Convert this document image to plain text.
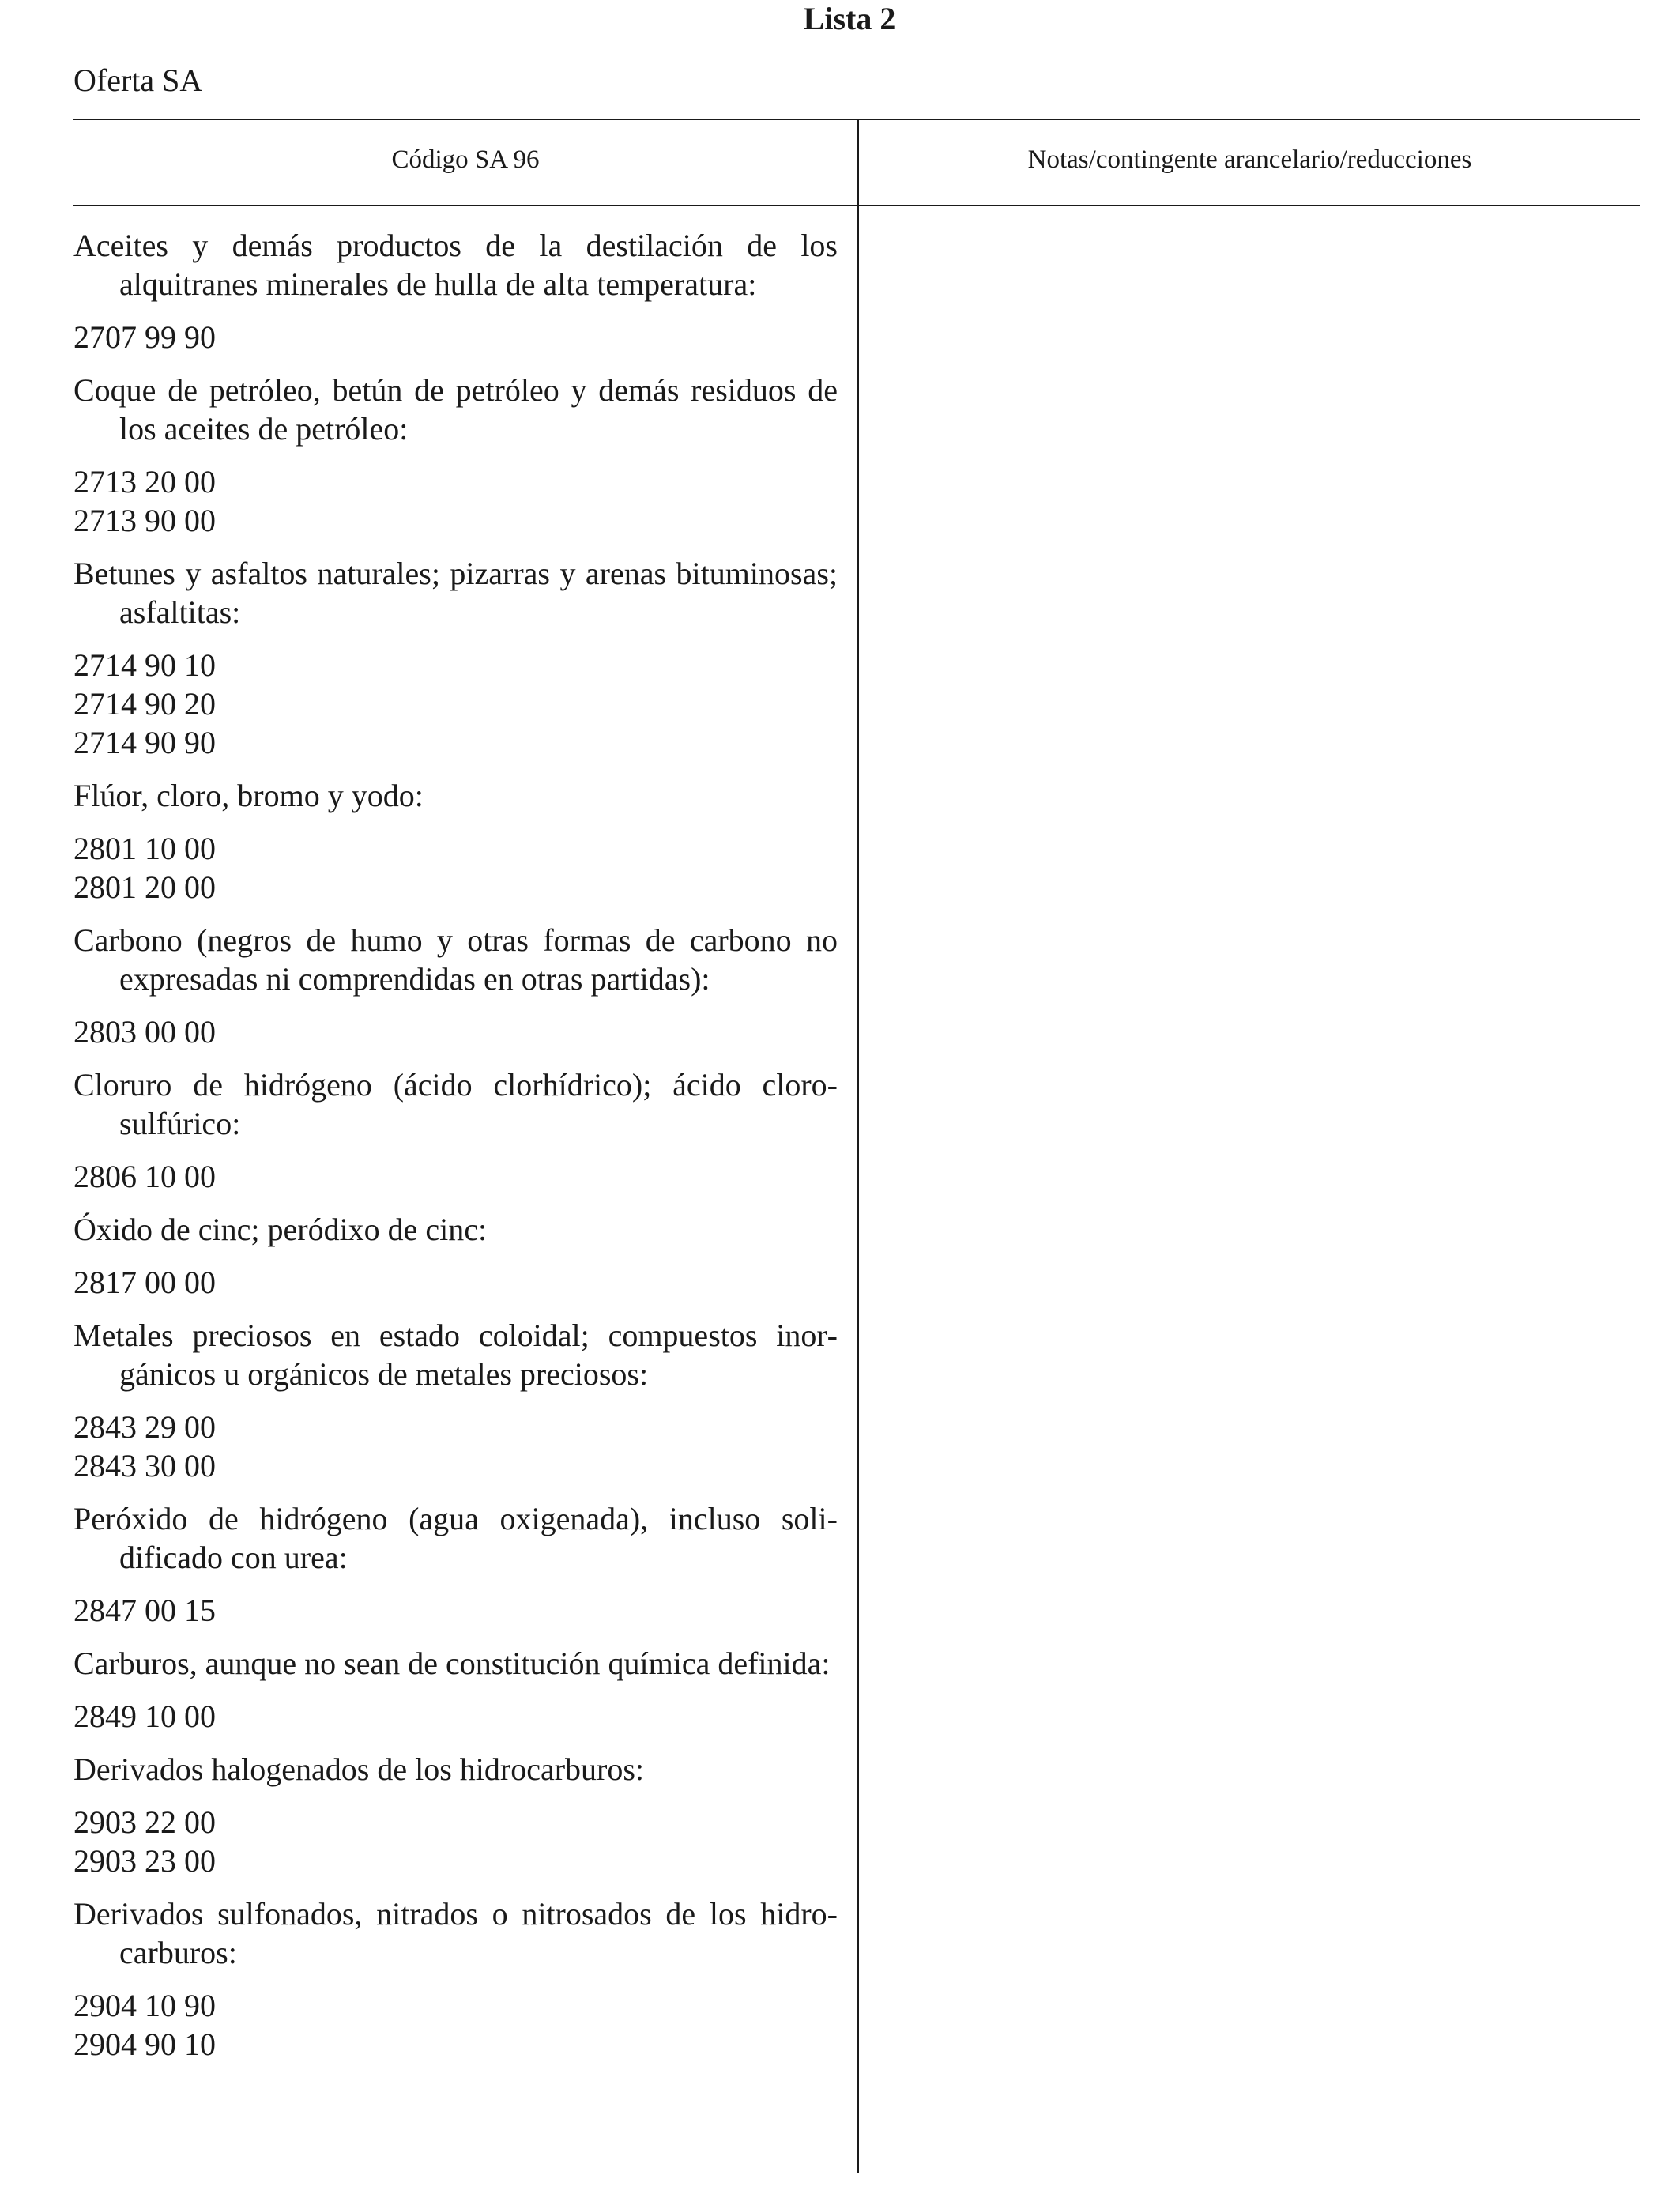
Lista 2
Oferta SA
Código SA 96	Notas/contingente arancelario/reducciones

Aceites y demás productos de la destilación de los alquitranes minerales de hulla de alta temperatura:

2707 99 90

Coque de petróleo, betún de petróleo y demás residuos de los aceites de petróleo:

2713 20 00
2713 90 00

Betunes y asfaltos naturales; pizarras y arenas bituminosas; asfaltitas:

2714 90 10
2714 90 20
2714 90 90

Flúor, cloro, bromo y yodo:

2801 10 00
2801 20 00

Carbono (negros de humo y otras formas de carbono no expresadas ni comprendidas en otras partidas):

2803 00 00

Cloruro de hidrógeno (ácido clorhídrico); ácido clorosulfúrico:

2806 10 00

Óxido de cinc; peródixo de cinc:

2817 00 00

Metales preciosos en estado coloidal; compuestos inorgánicos u orgánicos de metales preciosos:

2843 29 00
2843 30 00

Peróxido de hidrógeno (agua oxigenada), incluso solidificado con urea:

2847 00 15

Carburos, aunque no sean de constitución química definida:

2849 10 00

Derivados halogenados de los hidrocarburos:

2903 22 00
2903 23 00

Derivados sulfonados, nitrados o nitrosados de los hidrocarburos:

2904 10 90
2904 90 10
